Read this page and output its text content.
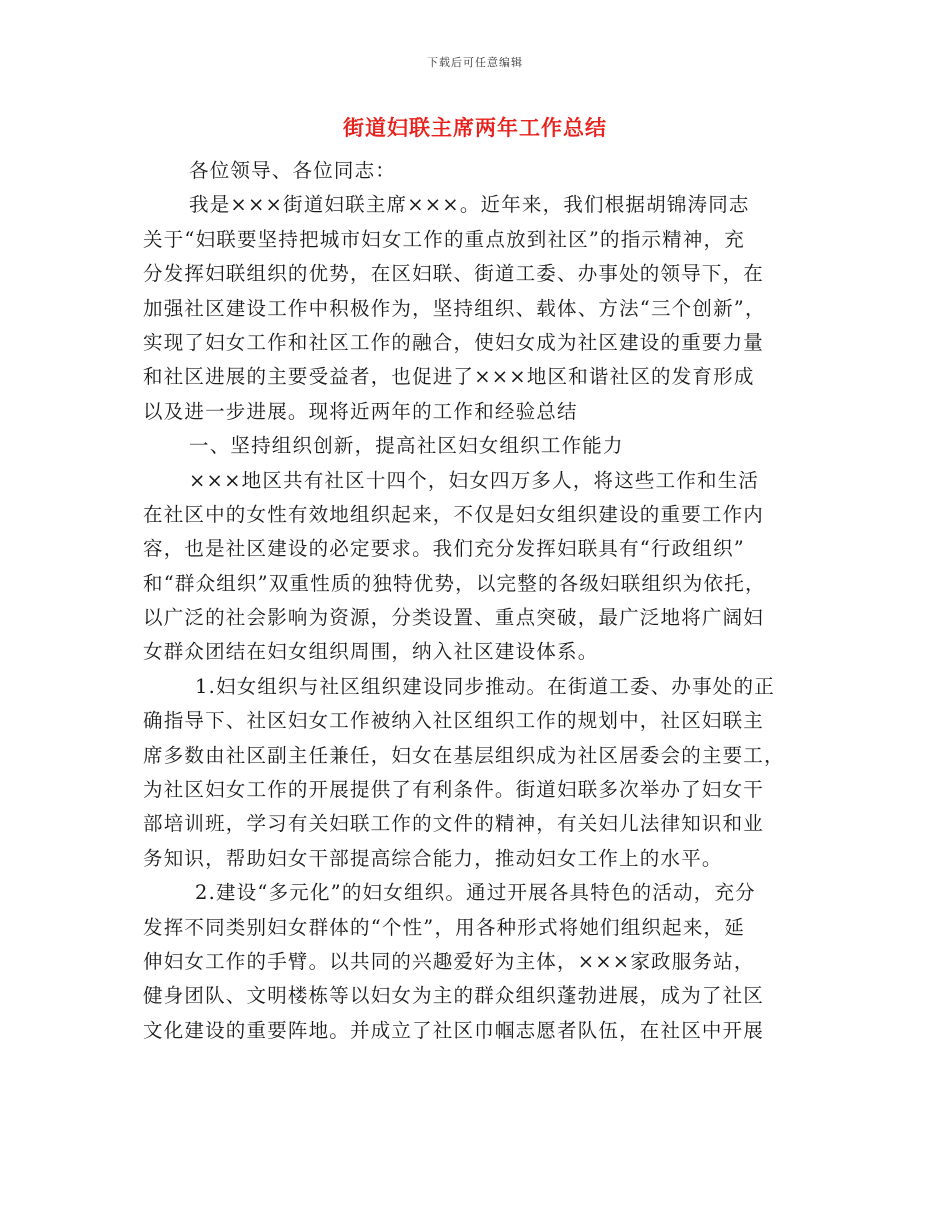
下载后可任意编辑
街道妇联主席两年工作总结
各位领导、各位同志：
我是×××街道妇联主席×××。近年来，我们根据胡锦涛同志
关于“妇联要坚持把城市妇女工作的重点放到社区”的指示精神，充
分发挥妇联组织的优势，在区妇联、街道工委、办事处的领导下，在
加强社区建设工作中积极作为，坚持组织、载体、方法“三个创新”，
实现了妇女工作和社区工作的融合，使妇女成为社区建设的重要力量
和社区进展的主要受益者，也促进了×××地区和谐社区的发育形成
以及进一步进展。现将近两年的工作和经验总结
一、坚持组织创新，提高社区妇女组织工作能力
×××地区共有社区十四个，妇女四万多人，将这些工作和生活
在社区中的女性有效地组织起来，不仅是妇女组织建设的重要工作内
容，也是社区建设的必定要求。我们充分发挥妇联具有“行政组织”
和“群众组织”双重性质的独特优势，以完整的各级妇联组织为依托，
以广泛的社会影响为资源，分类设置、重点突破，最广泛地将广阔妇
女群众团结在妇女组织周围，纳入社区建设体系。
1.妇女组织与社区组织建设同步推动。在街道工委、办事处的正
确指导下、社区妇女工作被纳入社区组织工作的规划中，社区妇联主
席多数由社区副主任兼任，妇女在基层组织成为社区居委会的主要工，
为社区妇女工作的开展提供了有利条件。街道妇联多次举办了妇女干
部培训班，学习有关妇联工作的文件的精神，有关妇儿法律知识和业
务知识，帮助妇女干部提高综合能力，推动妇女工作上的水平。
2.建设“多元化”的妇女组织。通过开展各具特色的活动，充分
发挥不同类别妇女群体的“个性”，用各种形式将她们组织起来，延
伸妇女工作的手臂。以共同的兴趣爱好为主体，×××家政服务站，
健身团队、文明楼栋等以妇女为主的群众组织蓬勃进展，成为了社区
文化建设的重要阵地。并成立了社区巾帼志愿者队伍，在社区中开展
